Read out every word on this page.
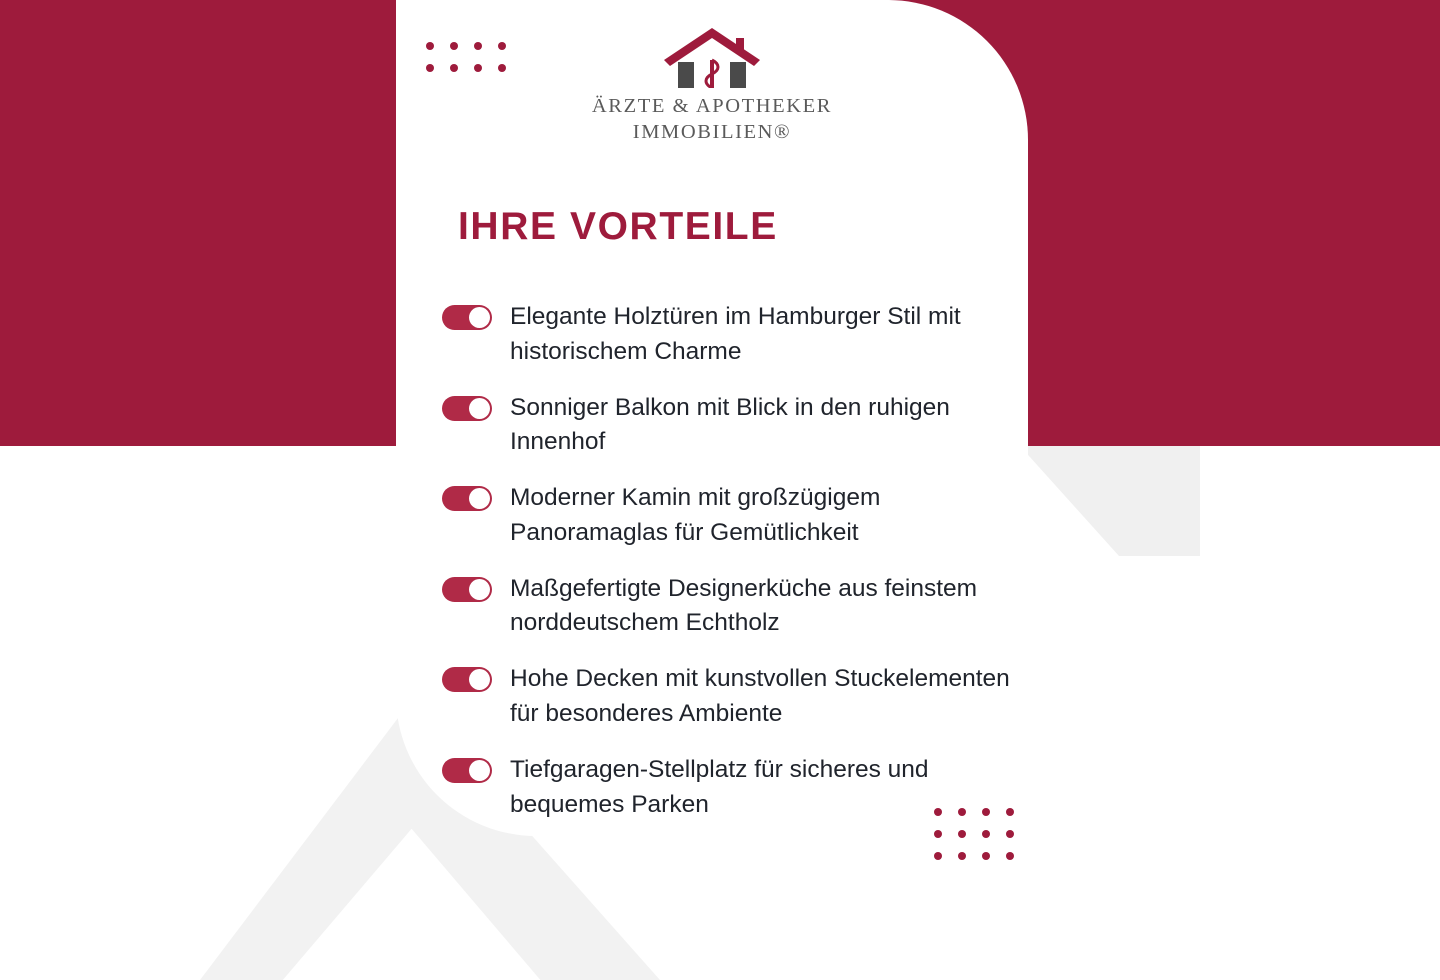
ÄRZTE & APOTHEKER
IMMOBILIEN®
IHRE VORTEILE
Elegante Holztüren im Hamburger Stil mit historischem Charme
Sonniger Balkon mit Blick in den ruhigen Innenhof
Moderner Kamin mit großzügigem Panoramaglas für Gemütlichkeit
Maßgefertigte Designerküche aus feinstem norddeutschem Echtholz
Hohe Decken mit kunstvollen Stuckelementen für besonderes Ambiente
Tiefgaragen-Stellplatz für sicheres und bequemes Parken
